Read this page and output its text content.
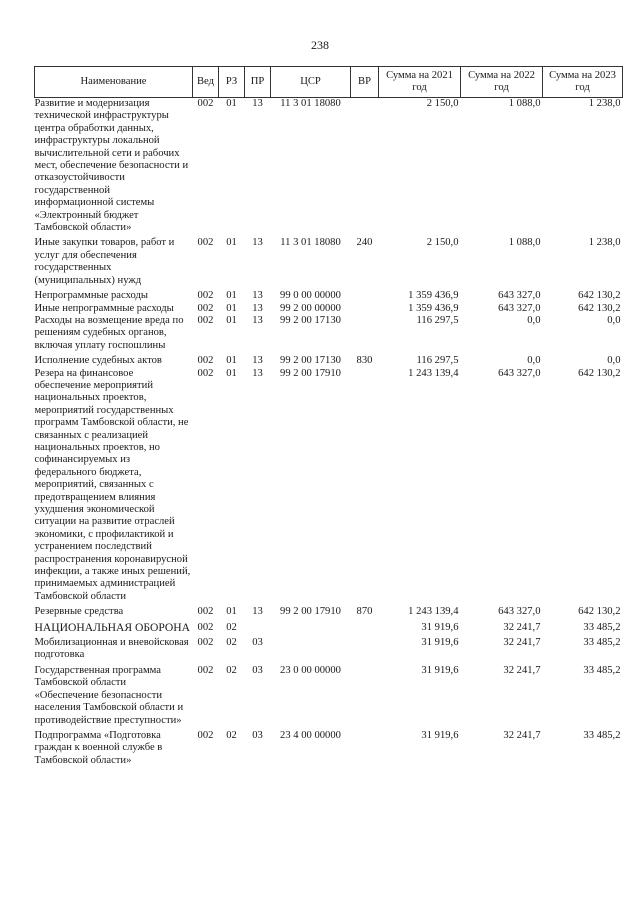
238
Наименование	Вед	РЗ	ПР	ЦСР	ВР	Сумма на 2021 год	Сумма на 2022 год	Сумма на 2023 год
Развитие и модернизация технической инфраструктуры центра обработки данных, инфраструктуры локальной вычислительной сети и рабочих мест, обеспечение безопасности и отказоустойчивости государственной информационной системы «Электронный бюджет Тамбовской области»	002	01	13	11 3 01 18080		2 150,0	1 088,0	1 238,0
Иные закупки товаров, работ и услуг для обеспечения государственных (муниципальных) нужд	002	01	13	11 3 01 18080	240	2 150,0	1 088,0	1 238,0
Непрограммные расходы	002	01	13	99 0 00 00000		1 359 436,9	643 327,0	642 130,2
Иные непрограммные расходы	002	01	13	99 2 00 00000		1 359 436,9	643 327,0	642 130,2
Расходы на возмещение вреда по решениям судебных органов, включая уплату госпошлины	002	01	13	99 2 00 17130		116 297,5	0,0	0,0
Исполнение судебных актов	002	01	13	99 2 00 17130	830	116 297,5	0,0	0,0
Резера на финансовое обеспечение мероприятий национальных проектов, мероприятий государственных программ Тамбовской области, не связанных с реализацией национальных проектов, но софинансируемых из федерального бюджета, мероприятий, связанных с предотвращением влияния ухудшения экономической ситуации на развитие отраслей экономики, с профилактикой и устранением последствий распространения коронавирусной инфекции, а также иных решений, принимаемых администрацией Тамбовской области	002	01	13	99 2 00 17910		1 243 139,4	643 327,0	642 130,2
Резервные средства	002	01	13	99 2 00 17910	870	1 243 139,4	643 327,0	642 130,2
НАЦИОНАЛЬНАЯ ОБОРОНА	002	02				31 919,6	32 241,7	33 485,2
Мобилизационная и вневойсковая подготовка	002	02	03			31 919,6	32 241,7	33 485,2
Государственная программа Тамбовской области «Обеспечение безопасности населения Тамбовской области и противодействие преступности»	002	02	03	23 0 00 00000		31 919,6	32 241,7	33 485,2
Подпрограмма «Подготовка граждан к военной службе в Тамбовской области»	002	02	03	23 4 00 00000		31 919,6	32 241,7	33 485,2
